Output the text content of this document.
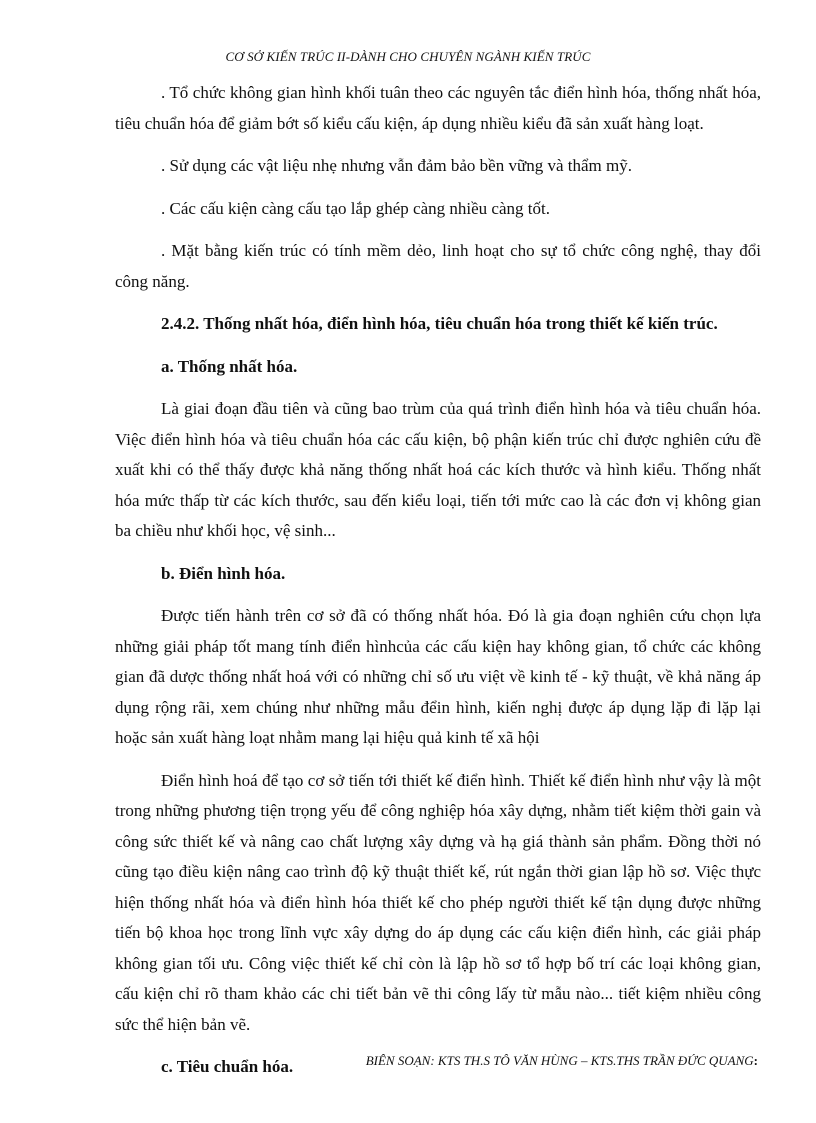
CƠ SỞ KIẾN TRÚC II-DÀNH CHO CHUYÊN NGÀNH KIẾN TRÚC

. Tổ chức không gian hình khối tuân theo các nguyên tắc điển hình hóa, thống nhất hóa, tiêu chuẩn hóa để giảm bớt số kiểu cấu kiện, áp dụng nhiều kiểu đã sản xuất hàng loạt.

. Sử dụng các vật liệu nhẹ nhưng vẫn đảm bảo bền vững và thẩm mỹ.

. Các cấu kiện càng cấu tạo lắp ghép càng nhiều càng tốt.

. Mặt bằng kiến trúc có tính mềm dẻo, linh hoạt cho sự tổ chức công nghệ, thay đổi công năng.

2.4.2. Thống nhất hóa, điển hình hóa, tiêu chuẩn hóa trong thiết kế kiến trúc.

a. Thống nhất hóa.

Là giai đoạn đầu tiên và cũng bao trùm của quá trình điển hình hóa và tiêu chuẩn hóa. Việc điển hình hóa và tiêu chuẩn hóa các cấu kiện, bộ phận kiến trúc chỉ được nghiên cứu đề xuất khi có thể thấy được khả năng thống nhất hoá các kích thước và hình kiểu. Thống nhất hóa mức thấp từ các kích thước, sau đến kiểu loại, tiến tới mức cao là các đơn vị không gian ba chiều như khối học, vệ sinh...

b. Điển hình hóa.

Được tiến hành trên cơ sở đã có thống nhất hóa. Đó là gia đoạn nghiên cứu chọn lựa những giải pháp tốt mang tính điển hìnhcủa các cấu kiện hay không gian, tổ chức các không gian đã dược thống nhất hoá với có những chỉ số ưu việt về kinh tế - kỹ thuật, về khả năng áp dụng rộng rãi, xem chúng như những mẫu đểin hình, kiến nghị được áp dụng lặp đi lặp lại hoặc sản xuất hàng loạt nhằm mang lại hiệu quả kinh tế xã hội

Điển hình hoá để tạo cơ sở tiến tới thiết kế điển hình. Thiết kế điển hình như vậy là một trong những phương tiện trọng yếu để công nghiệp hóa xây dựng, nhằm tiết kiệm thời gain và công sức thiết kế và nâng cao chất lượng xây dựng và hạ giá thành sản phẩm. Đồng thời nó cũng tạo điều kiện nâng cao trình độ kỹ thuật thiết kế, rút ngắn thời gian lập hồ sơ. Việc thực hiện thống nhất hóa và điển hình hóa thiết kế cho phép người thiết kế tận dụng được những tiến bộ khoa học trong lĩnh vực xây dựng do áp dụng các cấu kiện điển hình, các giải pháp không gian tối ưu. Công việc thiết kế chỉ còn là lập hồ sơ tổ hợp bố trí các loại không gian, cấu kiện chỉ rõ tham khảo các chi tiết bản vẽ thi công lấy từ mẫu nào... tiết kiệm nhiều công sức thể hiện bản vẽ.

c. Tiêu chuẩn hóa.	BIÊN SOẠN: KTS TH.S TÔ VĂN HÙNG – KTS.THS TRẦN ĐỨC QUANG:
